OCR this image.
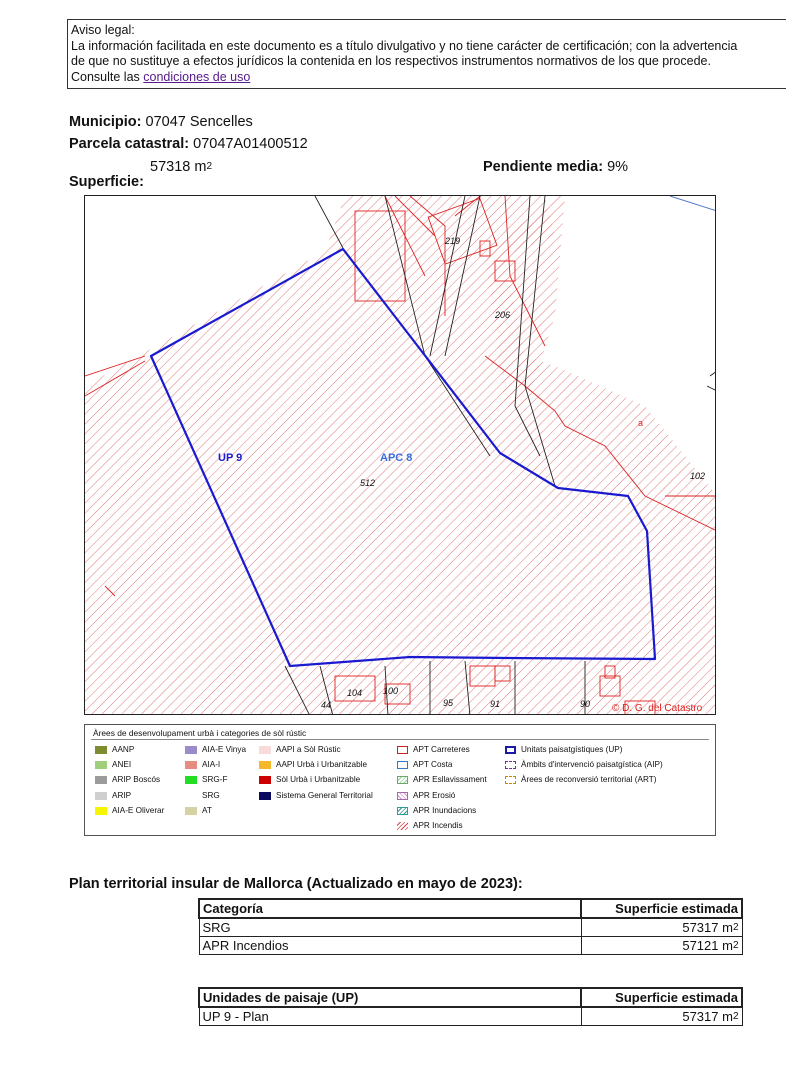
Aviso legal:
La información facilitada en este documento es a título divulgativo y no tiene carácter de certificación; con la advertencia
de que no sustituye a efectos jurídicos la contenida en los respectivos instrumentos normativos de los que procede.
Consulte las condiciones de uso
Municipio: 07047 Sencelles
Parcela catastral: 07047A01400512
57318 $m^2$
Superficie:
Pendiente media: 9%
UP 9	APC 8
512
219
206
102
a
104 100
95	91	90
44	© D. G. del Catastro
Àrees de desenvolupament urbà i categories de sòl rústic
AANP
ANEI
ARIP Boscós
ARIP
AIA-E Oliverar
AIA-E Vinya
AIA-I
SRG-F
SRG
AT
AAPI a Sòl Rústic
AAPI Urbà i Urbanitzable
Sòl Urbà i Urbanitzable
Sistema General Territorial
APT Carreteres
APT Costa
APR Esllavissament
APR Erosió
APR Inundacions
APR Incendis
Unitats paisatgístiques (UP)
Àmbits d'intervenció paisatgística (AIP)
Àrees de reconversió territorial (ART)
Plan territorial insular de Mallorca (Actualizado en mayo de 2023):
Categoría	Superficie estimada
SRG	57317 $m^2$
APR Incendios	57121 $m^2$
Unidades de paisaje (UP)	Superficie estimada
UP 9 - Plan	57317 $m^2$
